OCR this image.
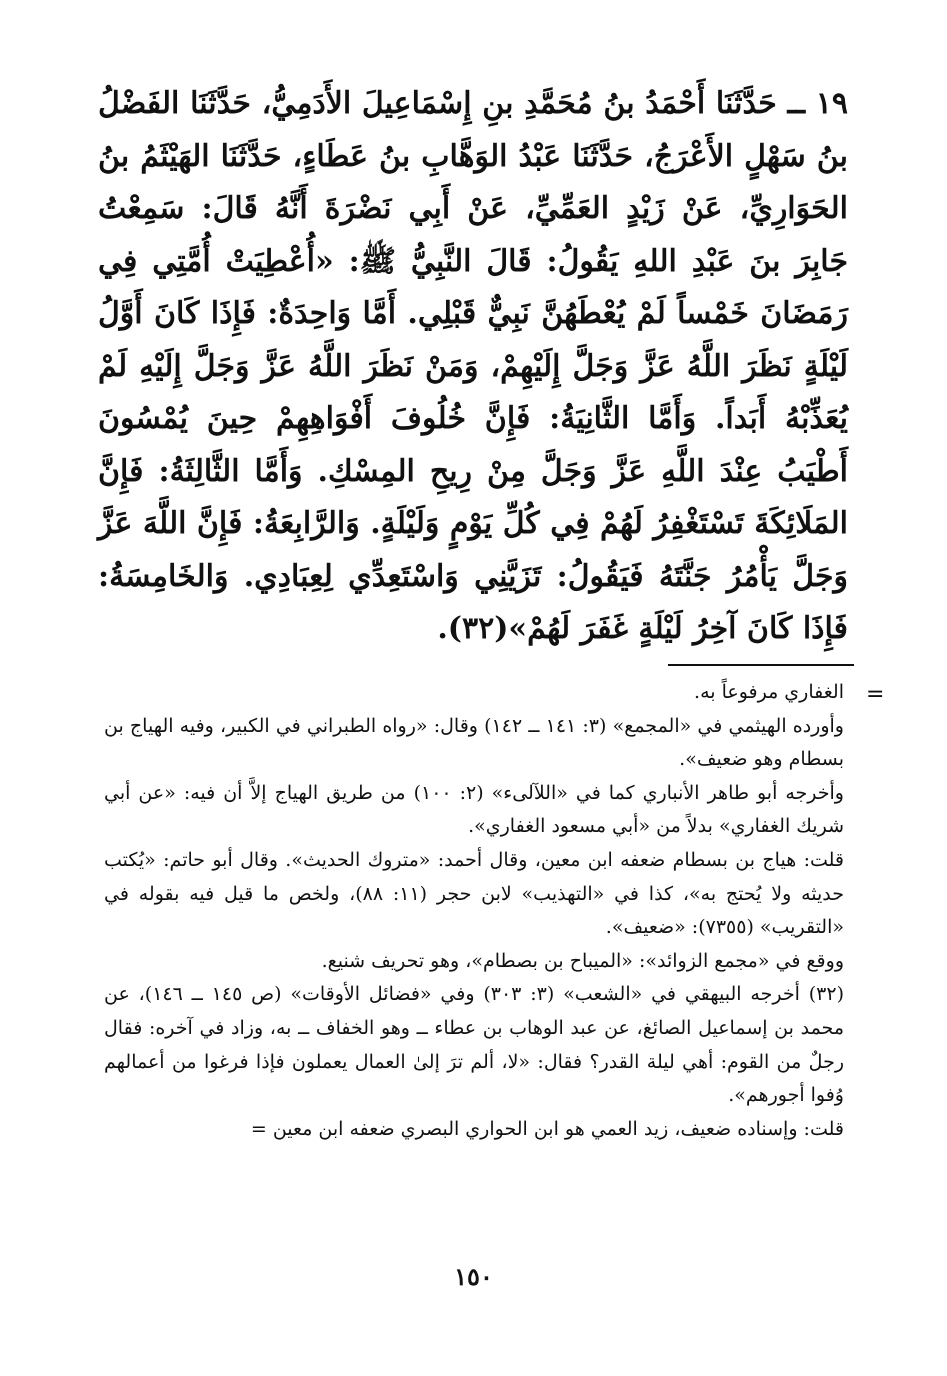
١٩ ــ حَدَّثَنَا أَحْمَدُ بنُ مُحَمَّدِ بنِ إِسْمَاعِيلَ الأَدَمِيُّ، حَدَّثَنَا الفَضْلُ بنُ سَهْلٍ الأَعْرَجُ، حَدَّثَنَا عَبْدُ الوَهَّابِ بنُ عَطَاءٍ، حَدَّثَنَا الهَيْثَمُ بنُ الحَوَارِيِّ، عَنْ زَيْدٍ العَمِّيِّ، عَنْ أَبِي نَضْرَةَ أَنَّهُ قَالَ: سَمِعْتُ جَابِرَ بنَ عَبْدِ اللهِ يَقُولُ: قَالَ النَّبِيُّ ﷺ: «أُعْطِيَتْ أُمَّتِي فِي رَمَضَانَ خَمْساً لَمْ يُعْطَهُنَّ نَبِيٌّ قَبْلِي. أَمَّا وَاحِدَةٌ: فَإِذَا كَانَ أَوَّلُ لَيْلَةٍ نَظَرَ اللَّهُ عَزَّ وَجَلَّ إِلَيْهِمْ، وَمَنْ نَظَرَ اللَّهُ عَزَّ وَجَلَّ إِلَيْهِ لَمْ يُعَذِّبْهُ أَبَداً. وَأَمَّا الثَّانِيَةُ: فَإِنَّ خُلُوفَ أَفْوَاهِهِمْ حِينَ يُمْسُونَ أَطْيَبُ عِنْدَ اللَّهِ عَزَّ وَجَلَّ مِنْ رِيحِ المِسْكِ. وَأَمَّا الثَّالِثَةُ: فَإِنَّ المَلَائِكَةَ تَسْتَغْفِرُ لَهُمْ فِي كُلِّ يَوْمٍ وَلَيْلَةٍ. وَالرَّابِعَةُ: فَإِنَّ اللَّهَ عَزَّ وَجَلَّ يَأْمُرُ جَنَّتَهُ فَيَقُولُ: تَزَيَّنِي وَاسْتَعِدِّي لِعِبَادِي. وَالخَامِسَةُ: فَإِذَا كَانَ آخِرُ لَيْلَةٍ غَفَرَ لَهُمْ»(٣٢).

=

الغفاري مرفوعاً به.

وأورده الهيثمي في «المجمع» (٣: ١٤١ ــ ١٤٢) وقال: «رواه الطبراني في الكبير، وفيه الهياج بن بسطام وهو ضعيف».

وأخرجه أبو طاهر الأنباري كما في «اللآلىء» (٢: ١٠٠) من طريق الهياج إلاَّ أن فيه: «عن أبي شريك الغفاري» بدلاً من «أبي مسعود الغفاري».

قلت: هياج بن بسطام ضعفه ابن معين، وقال أحمد: «متروك الحديث». وقال أبو حاتم: «يُكتب حديثه ولا يُحتج به»، كذا في «التهذيب» لابن حجر (١١: ٨٨)، ولخص ما قيل فيه بقوله في «التقريب» (٧٣٥٥): «ضعيف».

ووقع في «مجمع الزوائد»: «الميباح بن بصطام»، وهو تحريف شنيع.

(٣٢) أخرجه البيهقي في «الشعب» (٣: ٣٠٣) وفي «فضائل الأوقات» (ص ١٤٥ ــ ١٤٦)، عن محمد بن إسماعيل الصائغ، عن عبد الوهاب بن عطاء ــ وهو الخفاف ــ به، وزاد في آخره: فقال رجلٌ من القوم: أهي ليلة القدر؟ فقال: «لا، ألم ترَ إلىٰ العمال يعملون فإذا فرغوا من أعمالهم وُفوا أجورهم».

قلت: وإسناده ضعيف، زيد العمي هو ابن الحواري البصري ضعفه ابن معين =

١٥٠
